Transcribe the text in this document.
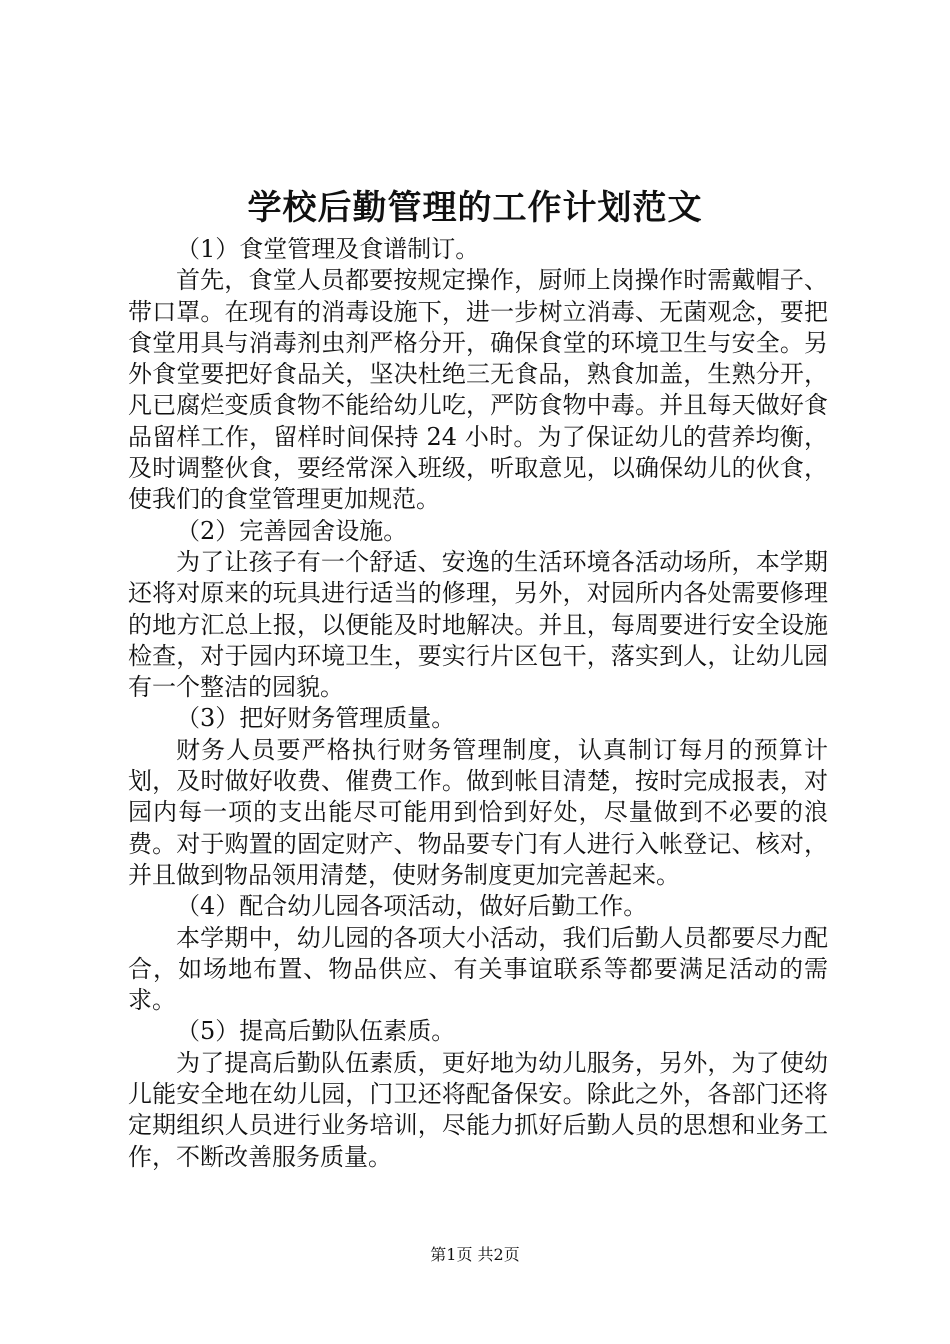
学校后勤管理的工作计划范文

（1）食堂管理及食谱制订。

首先，食堂人员都要按规定操作，厨师上岗操作时需戴帽子、带口罩。在现有的消毒设施下，进一步树立消毒、无菌观念，要把食堂用具与消毒剂虫剂严格分开，确保食堂的环境卫生与安全。另外食堂要把好食品关，坚决杜绝三无食品，熟食加盖，生熟分开，凡已腐烂变质食物不能给幼儿吃，严防食物中毒。并且每天做好食品留样工作，留样时间保持 24 小时。为了保证幼儿的营养均衡，及时调整伙食，要经常深入班级，听取意见，以确保幼儿的伙食，使我们的食堂管理更加规范。

（2）完善园舍设施。

为了让孩子有一个舒适、安逸的生活环境各活动场所，本学期还将对原来的玩具进行适当的修理，另外，对园所内各处需要修理的地方汇总上报，以便能及时地解决。并且，每周要进行安全设施检查，对于园内环境卫生，要实行片区包干，落实到人，让幼儿园有一个整洁的园貌。

（3）把好财务管理质量。

财务人员要严格执行财务管理制度，认真制订每月的预算计划，及时做好收费、催费工作。做到帐目清楚，按时完成报表，对园内每一项的支出能尽可能用到恰到好处，尽量做到不必要的浪费。对于购置的固定财产、物品要专门有人进行入帐登记、核对，并且做到物品领用清楚，使财务制度更加完善起来。

（4）配合幼儿园各项活动，做好后勤工作。

本学期中，幼儿园的各项大小活动，我们后勤人员都要尽力配合，如场地布置、物品供应、有关事谊联系等都要满足活动的需求。

（5）提高后勤队伍素质。

为了提高后勤队伍素质，更好地为幼儿服务，另外，为了使幼儿能安全地在幼儿园，门卫还将配备保安。除此之外，各部门还将定期组织人员进行业务培训，尽能力抓好后勤人员的思想和业务工作，不断改善服务质量。

第1页 共2页
